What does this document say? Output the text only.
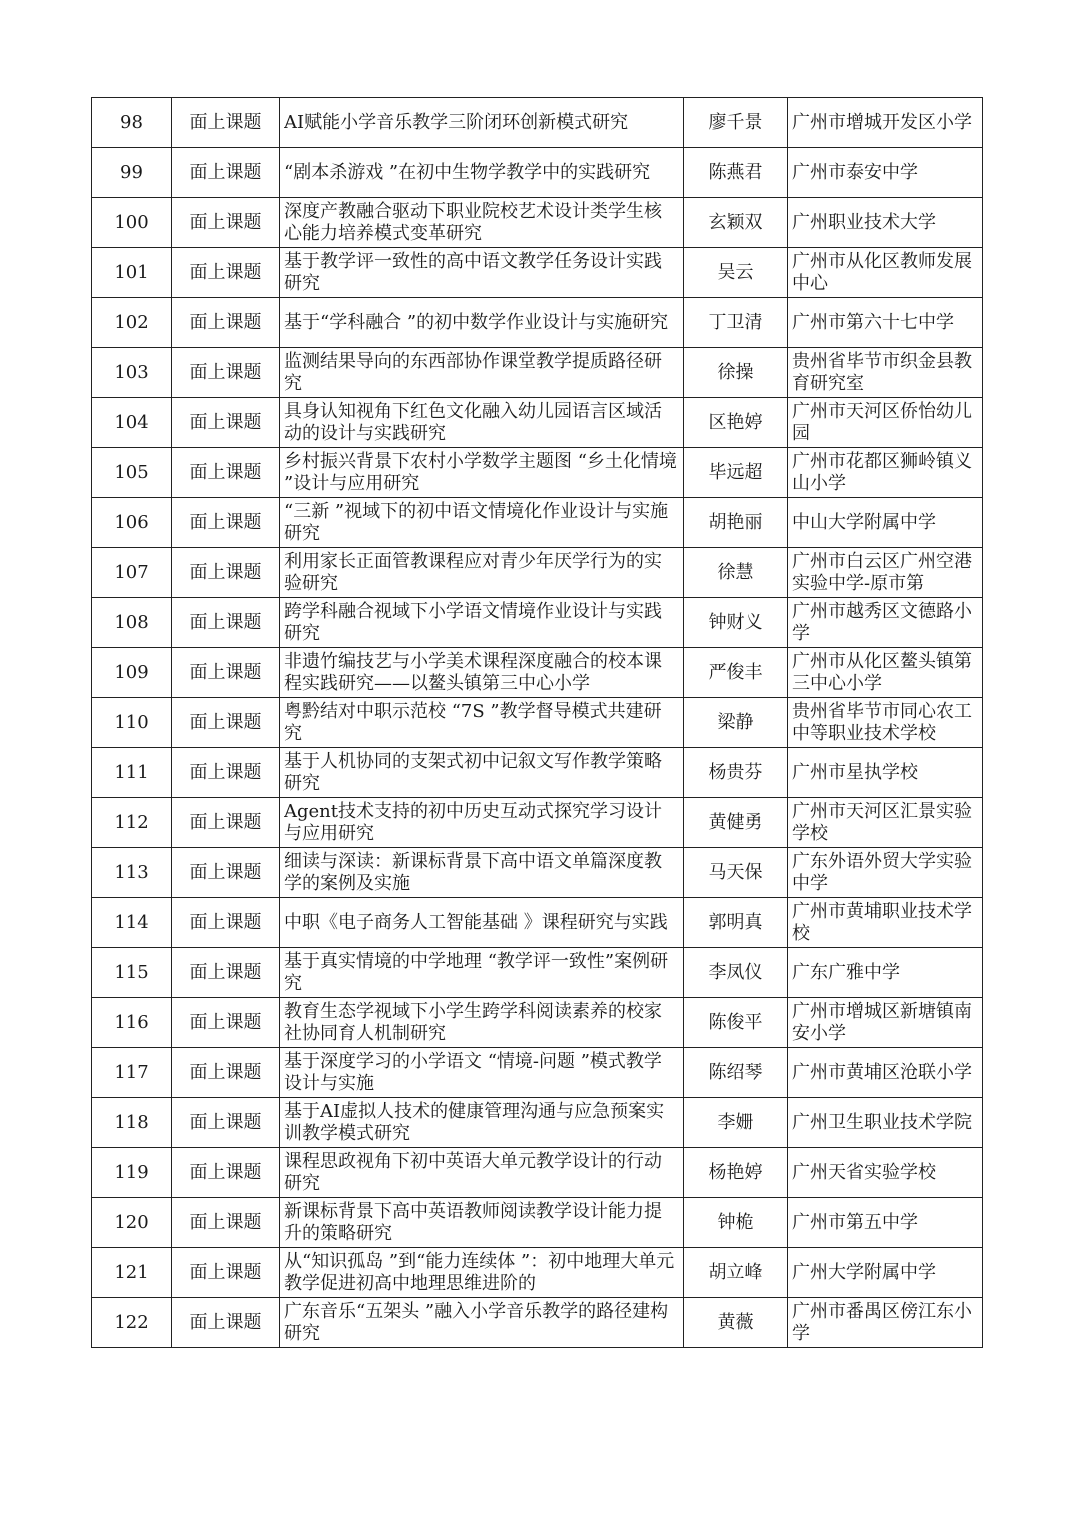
98	面上课题	AI赋能小学音乐教学三阶闭环创新模式研究	廖千景	广州市增城开发区小学

99	面上课题	“剧本杀游戏 ”在初中生物学教学中的实践研究	陈燕君	广州市泰安中学

100	面上课题	深度产教融合驱动下职业院校艺术设计类学生核心能力培养模式变革研究	玄颖双	广州职业技术大学

101	面上课题	基于教学评一致性的高中语文教学任务设计实践研究	吴云	广州市从化区教师发展中心

102	面上课题	基于“学科融合 ”的初中数学作业设计与实施研究	丁卫清	广州市第六十七中学

103	面上课题	监测结果导向的东西部协作课堂教学提质路径研究	徐操	贵州省毕节市织金县教育研究室

104	面上课题	具身认知视角下红色文化融入幼儿园语言区域活动的设计与实践研究	区艳婷	广州市天河区侨怡幼儿园

105	面上课题	乡村振兴背景下农村小学数学主题图 “乡土化情境 ”设计与应用研究	毕远超	广州市花都区狮岭镇义山小学

106	面上课题	“三新 ”视域下的初中语文情境化作业设计与实施研究	胡艳丽	中山大学附属中学

107	面上课题	利用家长正面管教课程应对青少年厌学行为的实验研究	徐慧	广州市白云区广州空港实验中学-原市第

108	面上课题	跨学科融合视域下小学语文情境作业设计与实践研究	钟财义	广州市越秀区文德路小学

109	面上课题	非遗竹编技艺与小学美术课程深度融合的校本课程实践研究——以鳌头镇第三中心小学	严俊丰	广州市从化区鳌头镇第三中心小学

110	面上课题	粤黔结对中职示范校 “7S ”教学督导模式共建研究	梁静	贵州省毕节市同心农工中等职业技术学校

111	面上课题	基于人机协同的支架式初中记叙文写作教学策略研究	杨贵芬	广州市星执学校

112	面上课题	Agent技术支持的初中历史互动式探究学习设计与应用研究	黄健勇	广州市天河区汇景实验学校

113	面上课题	细读与深读：新课标背景下高中语文单篇深度教学的案例及实施	马天保	广东外语外贸大学实验中学

114	面上课题	中职《电子商务人工智能基础 》课程研究与实践	郭明真	广州市黄埔职业技术学校

115	面上课题	基于真实情境的中学地理 “教学评一致性”案例研究	李凤仪	广东广雅中学

116	面上课题	教育生态学视域下小学生跨学科阅读素养的校家社协同育人机制研究	陈俊平	广州市增城区新塘镇南安小学

117	面上课题	基于深度学习的小学语文 “情境-问题 ”模式教学设计与实施	陈绍琴	广州市黄埔区沧联小学

118	面上课题	基于AI虚拟人技术的健康管理沟通与应急预案实训教学模式研究	李姗	广州卫生职业技术学院

119	面上课题	课程思政视角下初中英语大单元教学设计的行动研究	杨艳婷	广州天省实验学校

120	面上课题	新课标背景下高中英语教师阅读教学设计能力提升的策略研究	钟桅	广州市第五中学

121	面上课题	从“知识孤岛 ”到“能力连续体 ”：初中地理大单元教学促进初高中地理思维进阶的	胡立峰	广州大学附属中学

122	面上课题	广东音乐“五架头 ”融入小学音乐教学的路径建构研究	黄薇	广州市番禺区傍江东小学
